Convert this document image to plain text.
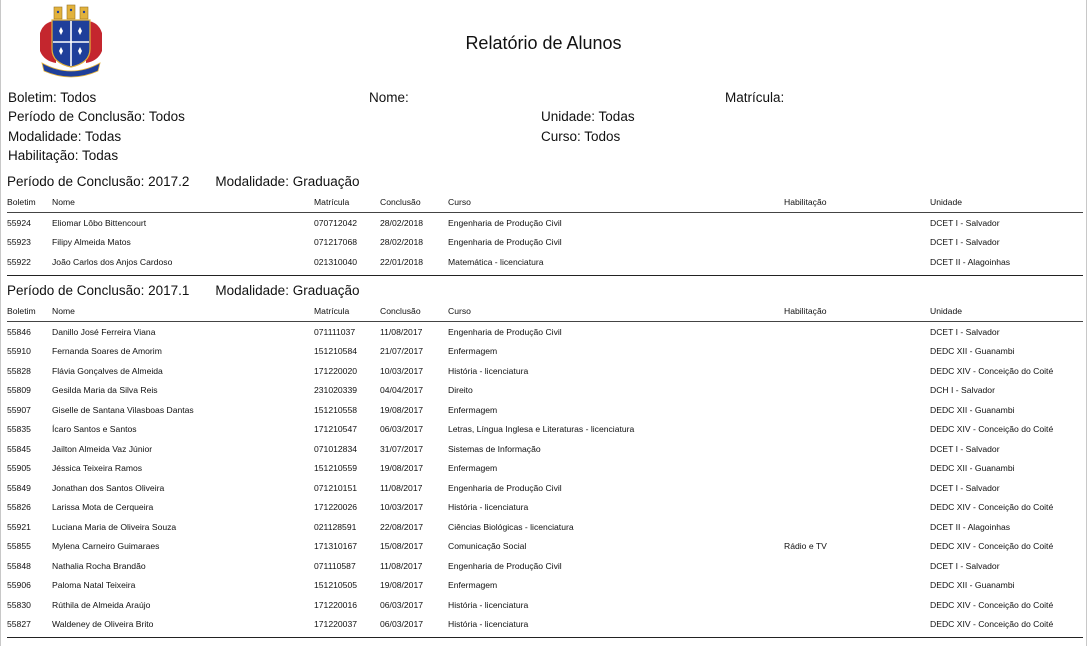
Relatório de Alunos
Boletim: Todos	Nome:	Matrícula:
Período de Conclusão: Todos	Unidade: Todas
Modalidade: Todas	Curso: Todos
Habilitação: Todas
Período de Conclusão: 2017.2 Modalidade: Graduação
Boletim	Nome	Matrícula	Conclusão	Curso	Habilitação	Unidade
55924	Eliomar Lôbo Bittencourt	070712042	28/02/2018	Engenharia de Produção Civil		DCET I - Salvador
55923	Filipy Almeida Matos	071217068	28/02/2018	Engenharia de Produção Civil		DCET I - Salvador
55922	João Carlos dos Anjos Cardoso	021310040	22/01/2018	Matemática - licenciatura		DCET II - Alagoinhas
Período de Conclusão: 2017.1 Modalidade: Graduação
Boletim	Nome	Matrícula	Conclusão	Curso	Habilitação	Unidade
55846	Danillo José Ferreira Viana	071111037	11/08/2017	Engenharia de Produção Civil		DCET I - Salvador
55910	Fernanda Soares de Amorim	151210584	21/07/2017	Enfermagem		DEDC XII - Guanambi
55828	Flávia Gonçalves de Almeida	171220020	10/03/2017	História - licenciatura		DEDC XIV - Conceição do Coité
55809	Gesilda Maria da Silva Reis	231020339	04/04/2017	Direito		DCH I - Salvador
55907	Giselle de Santana Vilasboas Dantas	151210558	19/08/2017	Enfermagem		DEDC XII - Guanambi
55835	Ícaro Santos e Santos	171210547	06/03/2017	Letras, Língua Inglesa e Literaturas - licenciatura		DEDC XIV - Conceição do Coité
55845	Jailton Almeida Vaz Júnior	071012834	31/07/2017	Sistemas de Informação		DCET I - Salvador
55905	Jéssica Teixeira Ramos	151210559	19/08/2017	Enfermagem		DEDC XII - Guanambi
55849	Jonathan dos Santos Oliveira	071210151	11/08/2017	Engenharia de Produção Civil		DCET I - Salvador
55826	Larissa Mota de Cerqueira	171220026	10/03/2017	História - licenciatura		DEDC XIV - Conceição do Coité
55921	Luciana Maria de Oliveira Souza	021128591	22/08/2017	Ciências Biológicas - licenciatura		DCET II - Alagoinhas
55855	Mylena Carneiro Guimaraes	171310167	15/08/2017	Comunicação Social	Rádio e TV	DEDC XIV - Conceição do Coité
55848	Nathalia Rocha Brandão	071110587	11/08/2017	Engenharia de Produção Civil		DCET I - Salvador
55906	Paloma Natal Teixeira	151210505	19/08/2017	Enfermagem		DEDC XII - Guanambi
55830	Rúthila de Almeida Araújo	171220016	06/03/2017	História - licenciatura		DEDC XIV - Conceição do Coité
55827	Waldeney de Oliveira Brito	171220037	06/03/2017	História - licenciatura		DEDC XIV - Conceição do Coité
